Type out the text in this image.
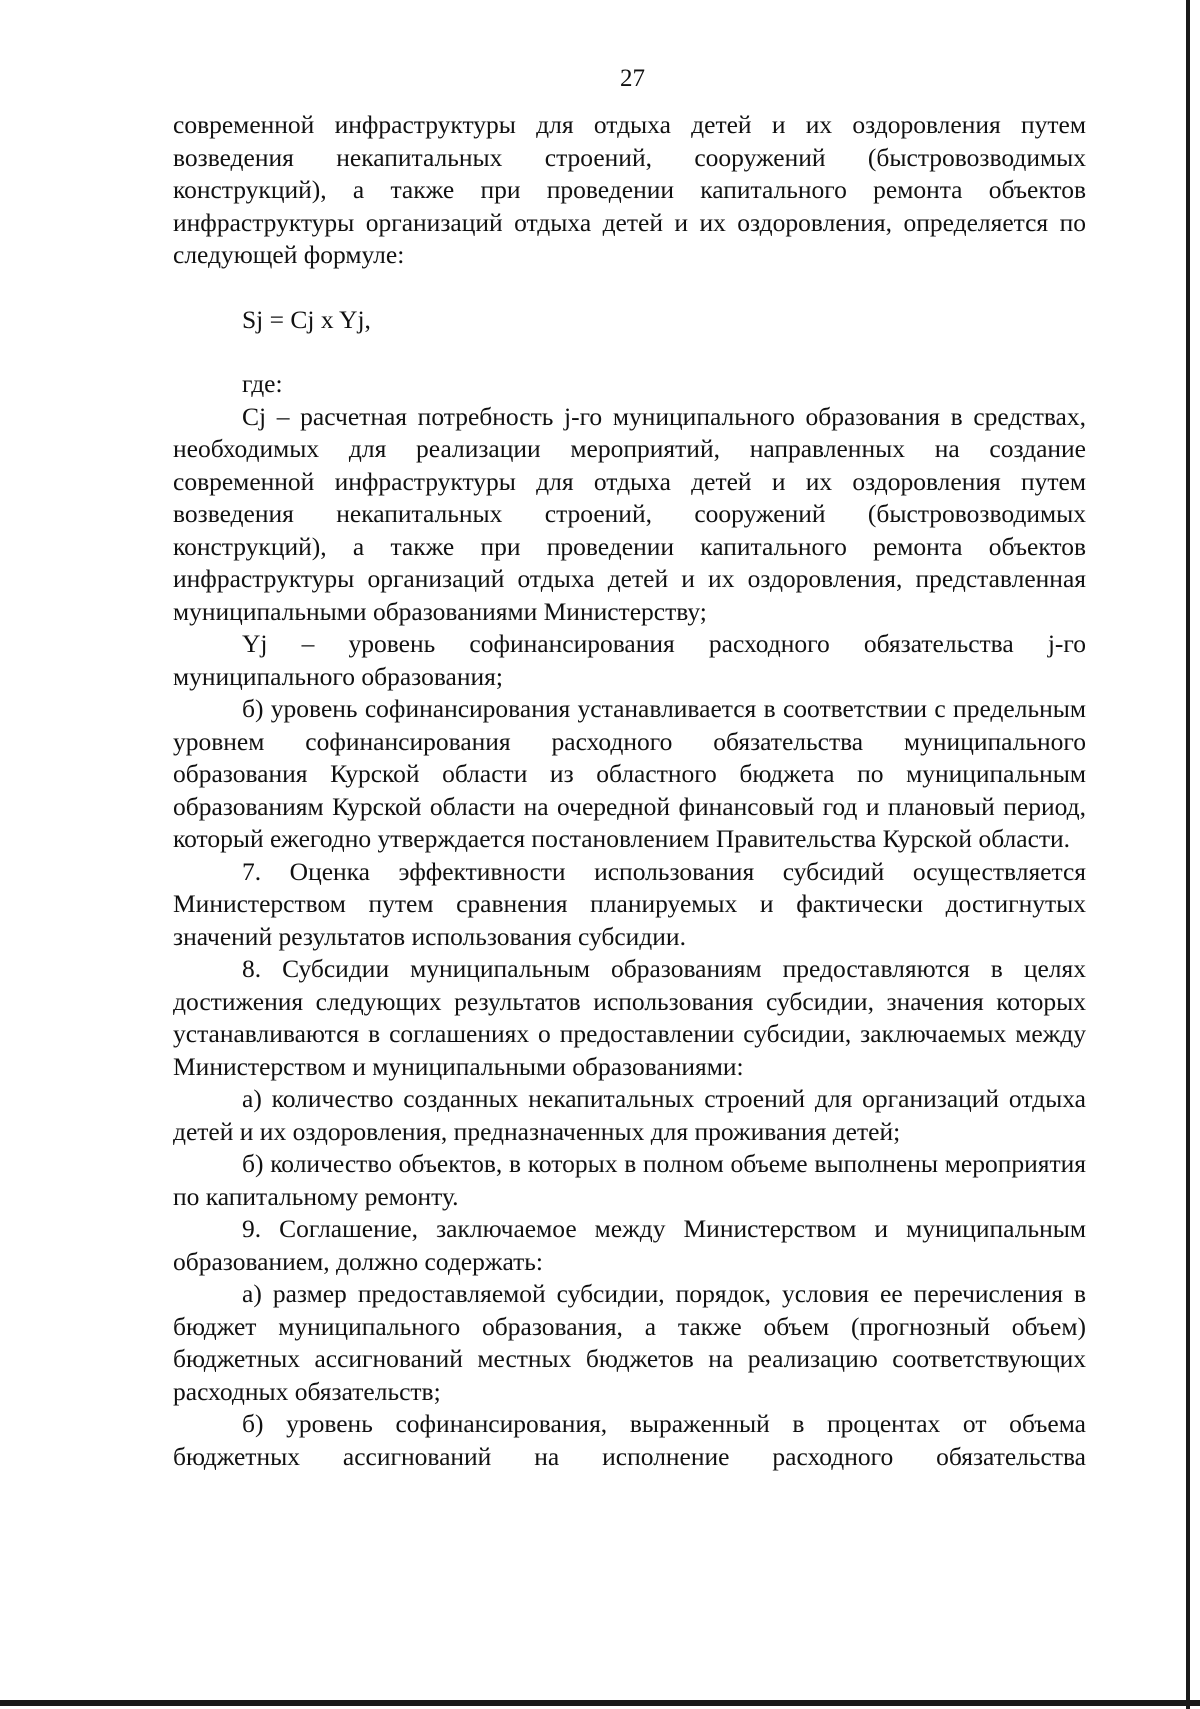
27

современной инфраструктуры для отдыха детей и их оздоровления путем возведения некапитальных строений, сооружений (быстровозводимых конструкций), а также при проведении капитального ремонта объектов инфраструктуры организаций отдыха детей и их оздоровления, определяется по следующей формуле:

Sj = Cj x Yj,

где:

Cj – расчетная потребность j-го муниципального образования в средствах, необходимых для реализации мероприятий, направленных на создание современной инфраструктуры для отдыха детей и их оздоровления путем возведения некапитальных строений, сооружений (быстровозводимых конструкций), а также при проведении капитального ремонта объектов инфраструктуры организаций отдыха детей и их оздоровления, представленная муниципальными образованиями Министерству;

Yj – уровень софинансирования расходного обязательства j-го муниципального образования;

б) уровень софинансирования устанавливается в соответствии с предельным уровнем софинансирования расходного обязательства муниципального образования Курской области из областного бюджета по муниципальным образованиям Курской области на очередной финансовый год и плановый период, который ежегодно утверждается постановлением Правительства Курской области.

7. Оценка эффективности использования субсидий осуществляется Министерством путем сравнения планируемых и фактически достигнутых значений результатов использования субсидии.

8. Субсидии муниципальным образованиям предоставляются в целях достижения следующих результатов использования субсидии, значения которых устанавливаются в соглашениях о предоставлении субсидии, заключаемых между Министерством и муниципальными образованиями:

а) количество созданных некапитальных строений для организаций отдыха детей и их оздоровления, предназначенных для проживания детей;

б) количество объектов, в которых в полном объеме выполнены мероприятия по капитальному ремонту.

9. Соглашение, заключаемое между Министерством и муниципальным образованием, должно содержать:

а) размер предоставляемой субсидии, порядок, условия ее перечисления в бюджет муниципального образования, а также объем (прогнозный объем) бюджетных ассигнований местных бюджетов на реализацию соответствующих расходных обязательств;

б) уровень софинансирования, выраженный в процентах от объема бюджетных ассигнований на исполнение расходного обязательства
